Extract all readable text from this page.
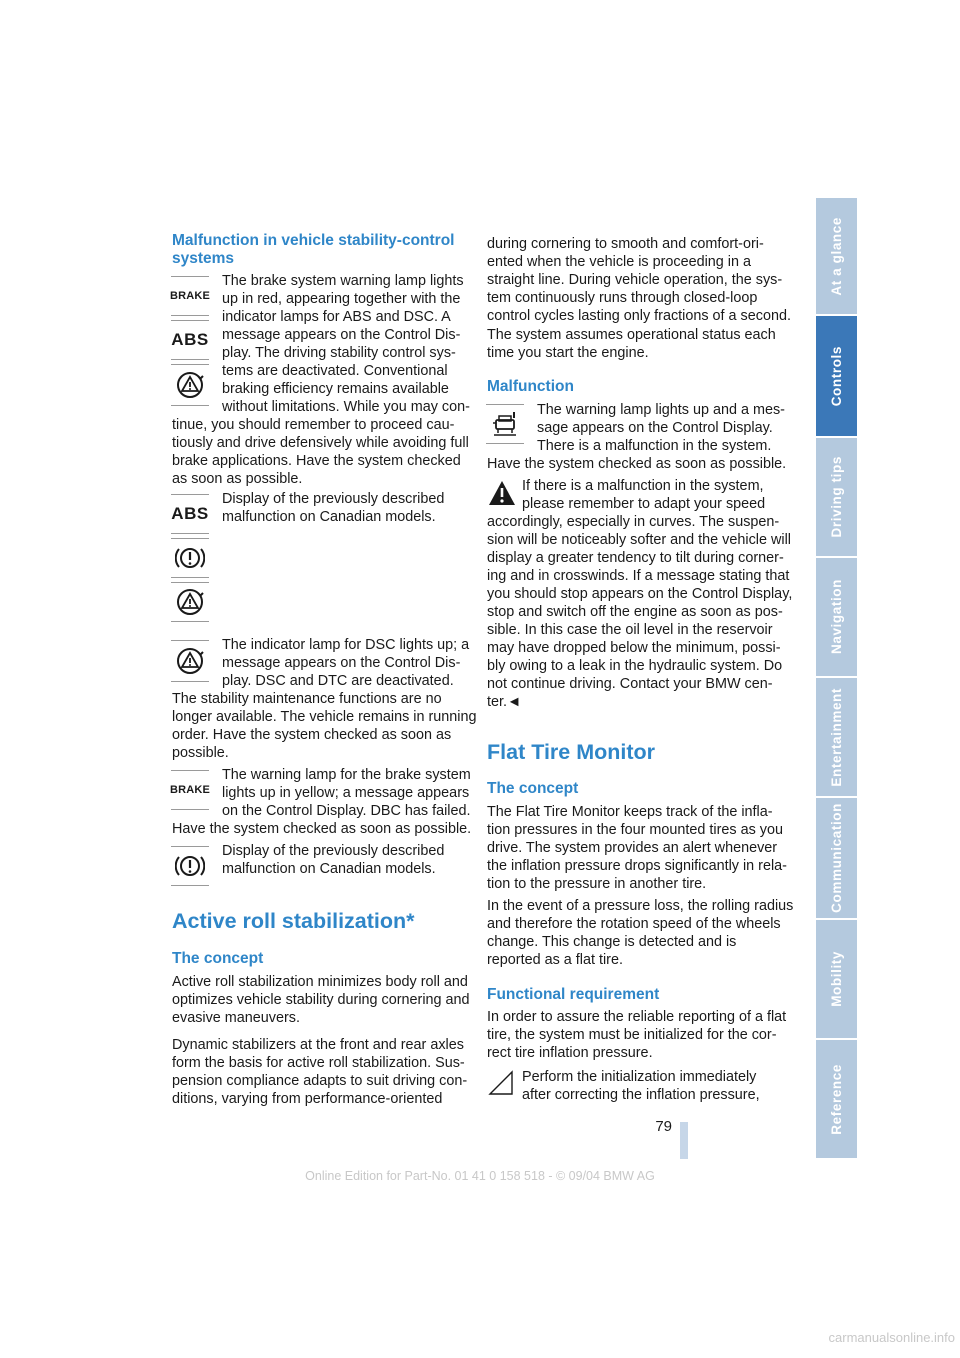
Malfunction in vehicle stability-control systems
BRAKE
ABS

The brake system warning lamp lights

up in red, appearing together with the

indicator lamps for ABS and DSC. A

message appears on the Control Dis-

play. The driving stability control sys-

tems are deactivated. Conventional

braking efficiency remains available

without limitations. While you may con-

tinue, you should remember to proceed cau-

tiously and drive defensively while avoiding full

brake applications. Have the system checked

as soon as possible.

ABS

Display of the previously described

malfunction on Canadian models.

The indicator lamp for DSC lights up; a

message appears on the Control Dis-

play. DSC and DTC are deactivated.

The stability maintenance functions are no

longer available. The vehicle remains in running

order. Have the system checked as soon as

possible.

BRAKE

The warning lamp for the brake system

lights up in yellow; a message appears

on the Control Display. DBC has failed.

Have the system checked as soon as possible.

Display of the previously described

malfunction on Canadian models.

Active roll stabilization*
The concept

Active roll stabilization minimizes body roll and

optimizes vehicle stability during cornering and

evasive maneuvers.

Dynamic stabilizers at the front and rear axles

form the basis for active roll stabilization. Sus-

pension compliance adapts to suit driving con-

ditions, varying from performance-oriented

during cornering to smooth and comfort-ori-

ented when the vehicle is proceeding in a

straight line. During vehicle operation, the sys-

tem continuously runs through closed-loop

control cycles lasting only fractions of a second.

The system assumes operational status each

time you start the engine.

Malfunction

The warning lamp lights up and a mes-

sage appears on the Control Display.

There is a malfunction in the system.

Have the system checked as soon as possible.

If there is a malfunction in the system,

please remember to adapt your speed

accordingly, especially in curves. The suspen-

sion will be noticeably softer and the vehicle will

display a greater tendency to tilt during corner-

ing and in crosswinds. If a message stating that

you should stop appears on the Control Display,

stop and switch off the engine as soon as pos-

sible. In this case the oil level in the reservoir

may have dropped below the minimum, possi-

bly owing to a leak in the hydraulic system. Do

not continue driving. Contact your BMW cen-

ter.◄

Flat Tire Monitor
The concept

The Flat Tire Monitor keeps track of the infla-

tion pressures in the four mounted tires as you

drive. The system provides an alert whenever

the inflation pressure drops significantly in rela-

tion to the pressure in another tire.

In the event of a pressure loss, the rolling radius

and therefore the rotation speed of the wheels

change. This change is detected and is

reported as a flat tire.

Functional requirement

In order to assure the reliable reporting of a flat

tire, the system must be initialized for the cor-

rect tire inflation pressure.

Perform the initialization immediately

after correcting the inflation pressure,

79
Online Edition for Part-No. 01 41 0 158 518 - © 09/04 BMW AG
carmanualsonline.info
At a glance
Controls
Driving tips
Navigation
Entertainment
Communication
Mobility
Reference
